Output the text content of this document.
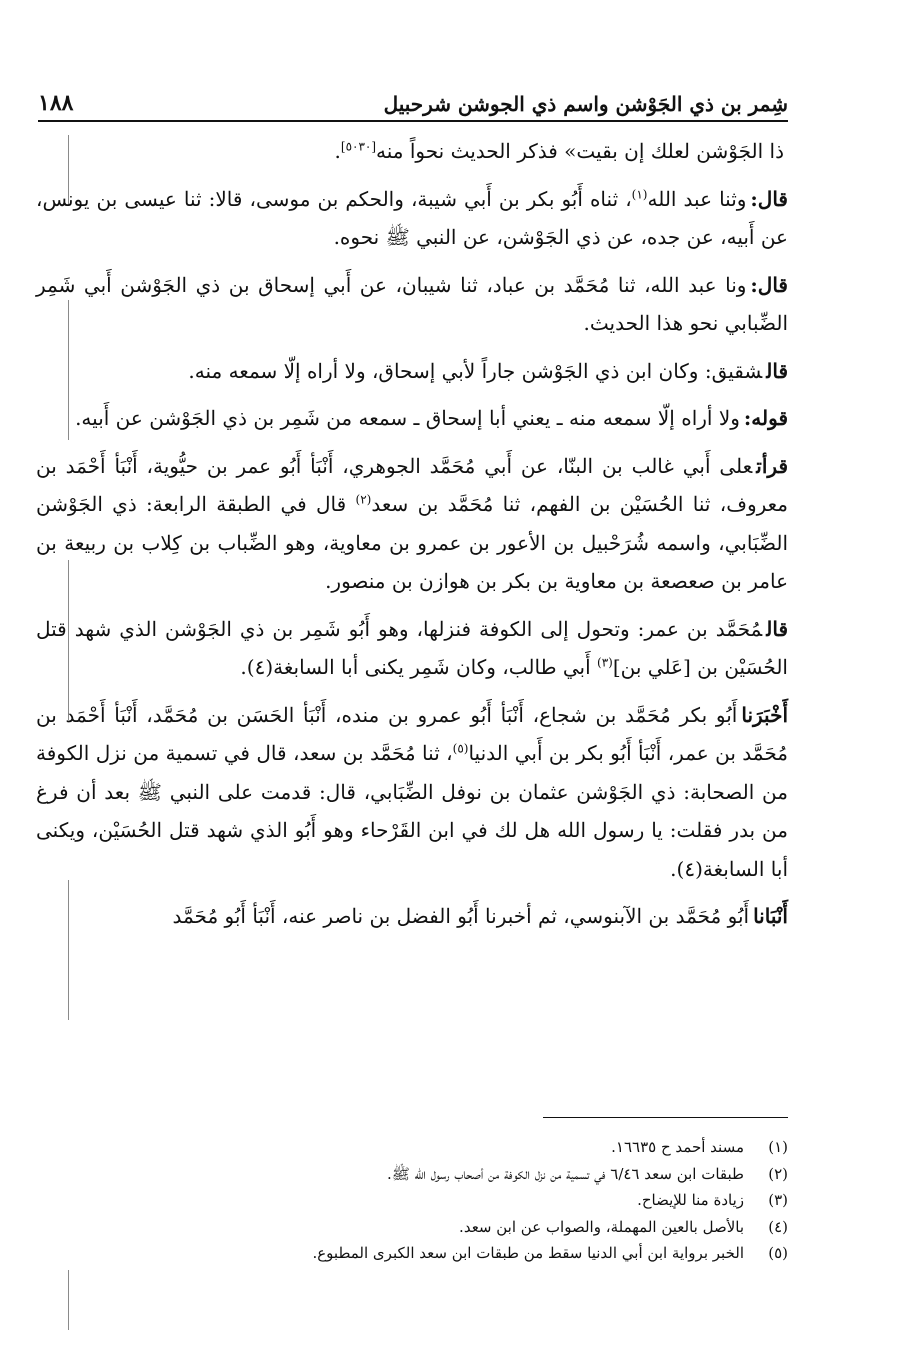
شِمر بن ذي الجَوْشن واسم ذي الجوشن شرحبيل
١٨٨

ذا الجَوْشن لعلك إن بقيت» فذكر الحديث نحواً منه[٥٠٣٠].

قال:وثنا عبد الله$^{(١)}$، ثناه أَبُو بكر بن أَبي شيبة، والحكم بن موسى، قالا: ثنا عيسى بن يونس، عن أَبيه، عن جده، عن ذي الجَوْشن، عن النبي ﷺ نحوه.

قال:ونا عبد الله، ثنا مُحَمَّد بن عباد، ثنا شيبان، عن أَبي إسحاق بن ذي الجَوْشن أَبي شَمِر الضِّبابي نحو هذا الحديث.

قالشقيق: وكان ابن ذي الجَوْشن جاراً لأبي إسحاق، ولا أراه إلّا سمعه منه.

قوله:ولا أراه إلّا سمعه منه ـ يعني أبا إسحاق ـ سمعه من شَمِر بن ذي الجَوْشن عن أَبيه.

قرأتعلى أَبي غالب بن البنّا، عن أَبي مُحَمَّد الجوهري، أَنْبَأ أَبُو عمر بن حيُّوية، أَنْبَأ أَحْمَد بن معروف، ثنا الحُسَيْن بن الفهم، ثنا مُحَمَّد بن سعد$^{(٢)}$ قال في الطبقة الرابعة: ذي الجَوْشن الضِّبَابي، واسمه شُرَحْبيل بن الأعور بن عمرو بن معاوية، وهو الضِّباب بن كِلاب بن ربيعة بن عامر بن صعصعة بن معاوية بن بكر بن هوازن بن منصور.

قالمُحَمَّد بن عمر: وتحول إلى الكوفة فنزلها، وهو أَبُو شَمِر بن ذي الجَوْشن الذي شهد قتل الحُسَيْن بن [عَلي بن]$^{(٣)}$ أَبي طالب، وكان شَمِر يكنى أبا السابغة(٤).

أَخْبَرَناأَبُو بكر مُحَمَّد بن شجاع، أَنْبَأ أَبُو عمرو بن منده، أَنْبَأ الحَسَن بن مُحَمَّد، أَنْبَأ أَحْمَد بن مُحَمَّد بن عمر، أَنْبَأ أَبُو بكر بن أَبي الدنيا$^{(٥)}$، ثنا مُحَمَّد بن سعد، قال في تسمية من نزل الكوفة من الصحابة: ذي الجَوْشن عثمان بن نوفل الضِّبَابي، قال: قدمت على النبي ﷺ بعد أن فرغ من بدر فقلت: يا رسول الله هل لك في ابن القَرْحاء وهو أَبُو الذي شهد قتل الحُسَيْن، ويكنى أبا السابغة(٤).

أَنْبَاناأَبُو مُحَمَّد بن الآبنوسي، ثم أخبرنا أَبُو الفضل بن ناصر عنه، أَنْبَأ أَبُو مُحَمَّد

(١)
مسند أحمد ح ١٦٦٣٥.
(٢)
طبقات ابن سعد ٦/٤٦ في تسمية من نزل الكوفة من أصحاب رسول الله ﷺ.
(٣)
زيادة منا للإيضاح.
(٤)
بالأصل بالعين المهملة، والصواب عن ابن سعد.
(٥)
الخبر برواية ابن أبي الدنيا سقط من طبقات ابن سعد الكبرى المطبوع.
